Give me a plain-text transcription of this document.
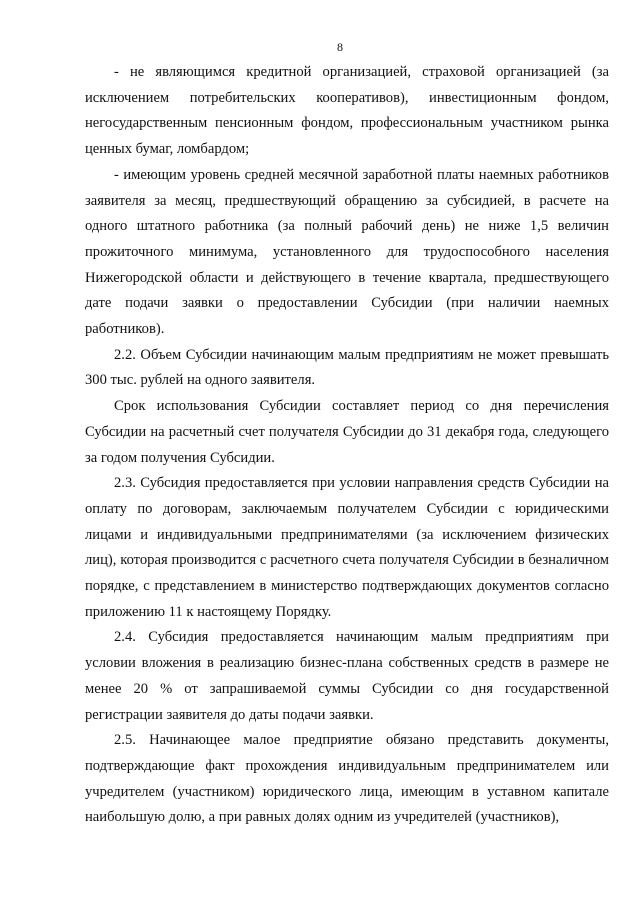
8

- не являющимся кредитной организацией, страховой организацией (за исключением потребительских кооперативов), инвестиционным фондом, негосударственным пенсионным фондом, профессиональным участником рынка ценных бумаг, ломбардом;

- имеющим уровень средней месячной заработной платы наемных работников заявителя за месяц, предшествующий обращению за субсидией, в расчете на одного штатного работника (за полный рабочий день) не ниже 1,5 величин прожиточного минимума, установленного для трудоспособного населения Нижегородской области и действующего в течение квартала, предшествующего дате подачи заявки о предоставлении Субсидии (при наличии наемных работников).

2.2. Объем Субсидии начинающим малым предприятиям не может превышать 300 тыс. рублей на одного заявителя.

Срок использования Субсидии составляет период со дня перечисления Субсидии на расчетный счет получателя Субсидии до 31 декабря года, следующего за годом получения Субсидии.

2.3. Субсидия предоставляется при условии направления средств Субсидии на оплату по договорам, заключаемым получателем Субсидии с юридическими лицами и индивидуальными предпринимателями (за исключением физических лиц), которая производится с расчетного счета получателя Субсидии в безналичном порядке, с представлением в министерство подтверждающих документов согласно приложению 11 к настоящему Порядку.

2.4. Субсидия предоставляется начинающим малым предприятиям при условии вложения в реализацию бизнес-плана собственных средств в размере не менее 20 % от запрашиваемой суммы Субсидии со дня государственной регистрации заявителя до даты подачи заявки.

2.5. Начинающее малое предприятие обязано представить документы, подтверждающие факт прохождения индивидуальным предпринимателем или учредителем (участником) юридического лица, имеющим в уставном капитале наибольшую долю, а при равных долях одним из учредителей (участников),
